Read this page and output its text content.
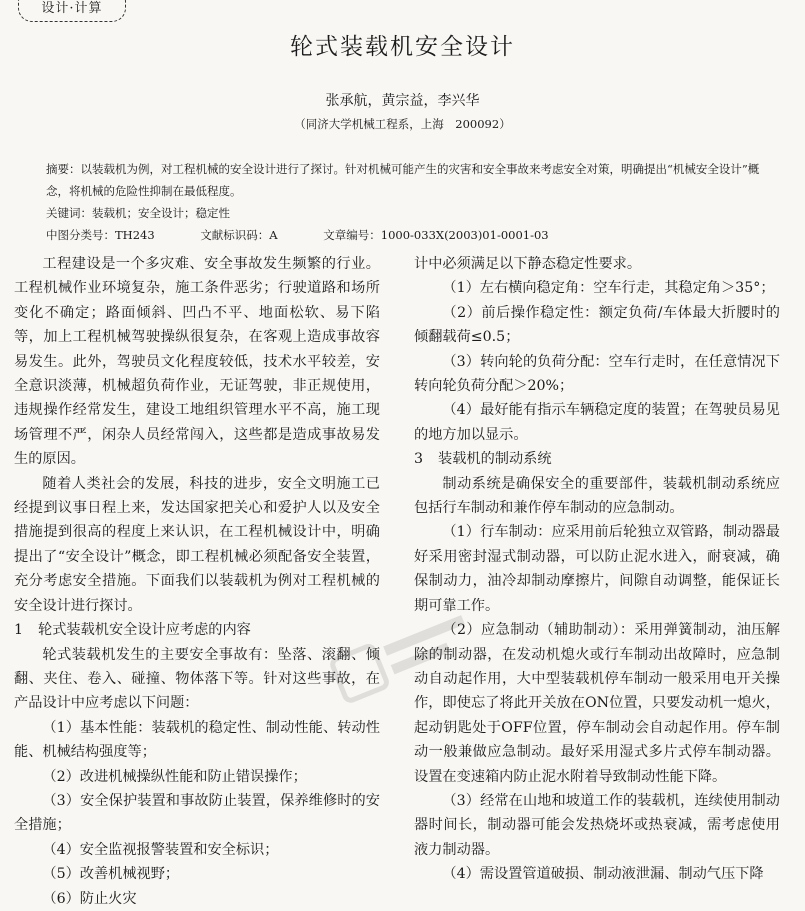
设计·计算
轮式装载机安全设计
张承航，黄宗益，李兴华
（同济大学机械工程系，上海　200092）
摘要：以装载机为例，对工程机械的安全设计进行了探讨。针对机械可能产生的灾害和安全事故来考虑安全对策，明确提出“机械安全设计”概念，将机械的危险性抑制在最低程度。
关键词：装载机；安全设计；稳定性
中图分类号：TH243	文献标识码：A	文章编号：1000-033X(2003)01-0001-03

工程建设是一个多灾难、安全事故发生频繁的行业。工程机械作业环境复杂，施工条件恶劣；行驶道路和场所变化不确定；路面倾斜、凹凸不平、地面松软、易下陷等，加上工程机械驾驶操纵很复杂，在客观上造成事故容易发生。此外，驾驶员文化程度较低，技术水平较差，安全意识淡薄，机械超负荷作业，无证驾驶，非正规使用，违规操作经常发生，建设工地组织管理水平不高，施工现场管理不严，闲杂人员经常闯入，这些都是造成事故易发生的原因。

随着人类社会的发展，科技的进步，安全文明施工已经提到议事日程上来，发达国家把关心和爱护人以及安全措施提到很高的程度上来认识，在工程机械设计中，明确提出了“安全设计”概念，即工程机械必须配备安全装置，充分考虑安全措施。下面我们以装载机为例对工程机械的安全设计进行探讨。

1 轮式装载机安全设计应考虑的内容

轮式装载机发生的主要安全事故有：坠落、滚翻、倾翻、夹住、卷入、碰撞、物体落下等。针对这些事故，在产品设计中应考虑以下问题：

（1）基本性能：装载机的稳定性、制动性能、转动性能、机械结构强度等；

（2）改进机械操纵性能和防止错误操作；

（3）安全保护装置和事故防止装置，保养维修时的安全措施；

（4）安全监视报警装置和安全标识；

（5）改善机械视野；

（6）防止火灾

计中必须满足以下静态稳定性要求。

（1）左右横向稳定角：空车行走，其稳定角＞35°；

（2）前后操作稳定性：额定负荷/车体最大折腰时的倾翻载荷≤0.5；

（3）转向轮的负荷分配：空车行走时，在任意情况下转向轮负荷分配＞20%；

（4）最好能有指示车辆稳定度的装置；在驾驶员易见的地方加以显示。

3 装载机的制动系统

制动系统是确保安全的重要部件，装载机制动系统应包括行车制动和兼作停车制动的应急制动。

（1）行车制动：应采用前后轮独立双管路，制动器最好采用密封湿式制动器，可以防止泥水进入，耐衰减，确保制动力，油冷却制动摩擦片，间隙自动调整，能保证长期可靠工作。

（2）应急制动（辅助制动）：采用弹簧制动，油压解除的制动器，在发动机熄火或行车制动出故障时，应急制动自动起作用，大中型装载机停车制动一般采用电开关操作，即使忘了将此开关放在ON位置，只要发动机一熄火，起动钥匙处于OFF位置，停车制动会自动起作用。停车制动一般兼做应急制动。最好采用湿式多片式停车制动器。设置在变速箱内防止泥水附着导致制动性能下降。

（3）经常在山地和坡道工作的装载机，连续使用制动器时间长，制动器可能会发热烧坏或热衰减，需考虑使用液力制动器。

（4）需设置管道破损、制动液泄漏、制动气压下降
